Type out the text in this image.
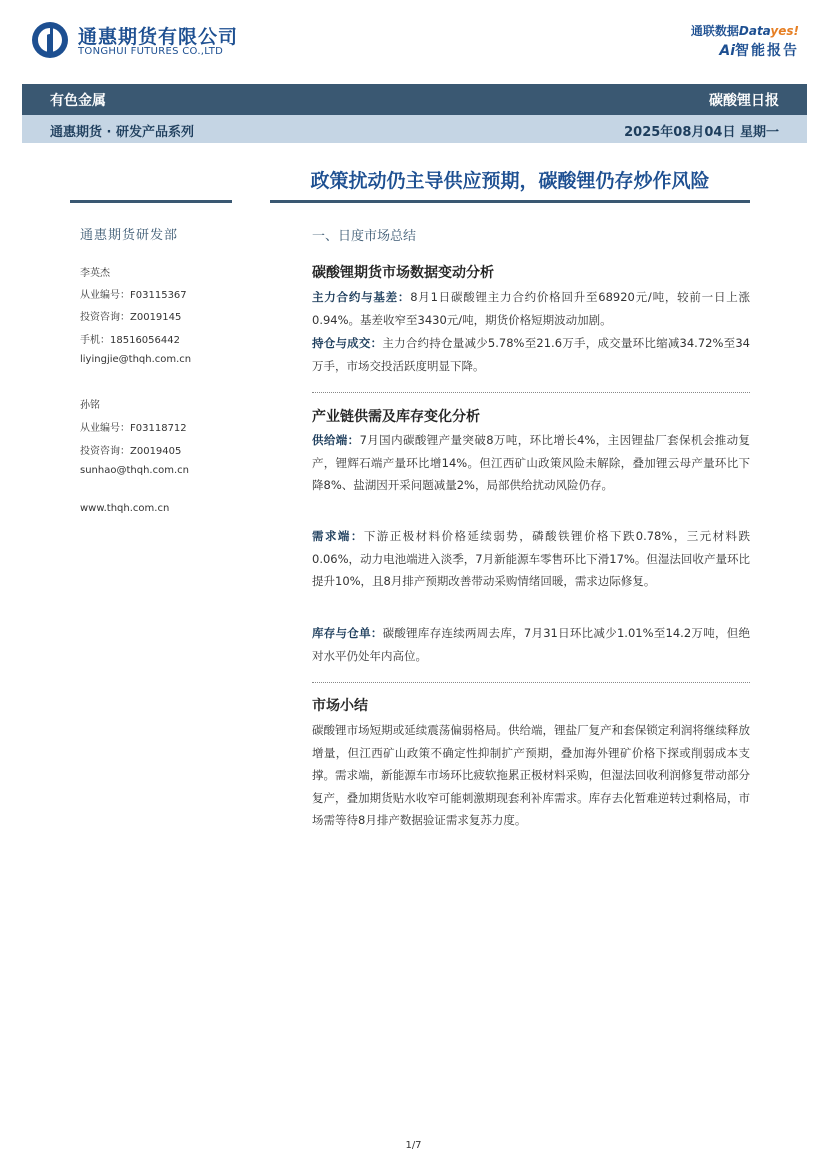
通惠期货有限公司
TONGHUI FUTURES CO.,LTD
通联数据Datayes!
Ai智能报告
有色金属	碳酸锂日报
通惠期货 · 研发产品系列	2025年08月04日 星期一
政策扰动仍主导供应预期，碳酸锂仍存炒作风险
通惠期货研发部
李英杰
从业编号：F03115367
投资咨询：Z0019145
手机：18516056442
liyingjie@thqh.com.cn
孙铭
从业编号：F03118712
投资咨询：Z0019405
sunhao@thqh.com.cn
www.thqh.com.cn
一、日度市场总结
碳酸锂期货市场数据变动分析
主力合约与基差：8月1日碳酸锂主力合约价格回升至68920元/吨，较前一日上涨0.94%。基差收窄至3430元/吨，期货价格短期波动加剧。
持仓与成交：主力合约持仓量减少5.78%至21.6万手，成交量环比缩减34.72%至34万手，市场交投活跃度明显下降。
产业链供需及库存变化分析
供给端：7月国内碳酸锂产量突破8万吨，环比增长4%，主因锂盐厂套保机会推动复产，锂辉石端产量环比增14%。但江西矿山政策风险未解除，叠加锂云母产量环比下降8%、盐湖因开采问题减量2%，局部供给扰动风险仍存。
需求端：下游正极材料价格延续弱势，磷酸铁锂价格下跌0.78%，三元材料跌0.06%，动力电池端进入淡季，7月新能源车零售环比下滑17%。但湿法回收产量环比提升10%，且8月排产预期改善带动采购情绪回暖，需求边际修复。
库存与仓单：碳酸锂库存连续两周去库，7月31日环比减少1.01%至14.2万吨，但绝对水平仍处年内高位。
市场小结
碳酸锂市场短期或延续震荡偏弱格局。供给端，锂盐厂复产和套保锁定利润将继续释放增量，但江西矿山政策不确定性抑制扩产预期，叠加海外锂矿价格下探或削弱成本支撑。需求端，新能源车市场环比疲软拖累正极材料采购，但湿法回收利润修复带动部分复产，叠加期货贴水收窄可能刺激期现套利补库需求。库存去化暂难逆转过剩格局，市场需等待8月排产数据验证需求复苏力度。
1/7
